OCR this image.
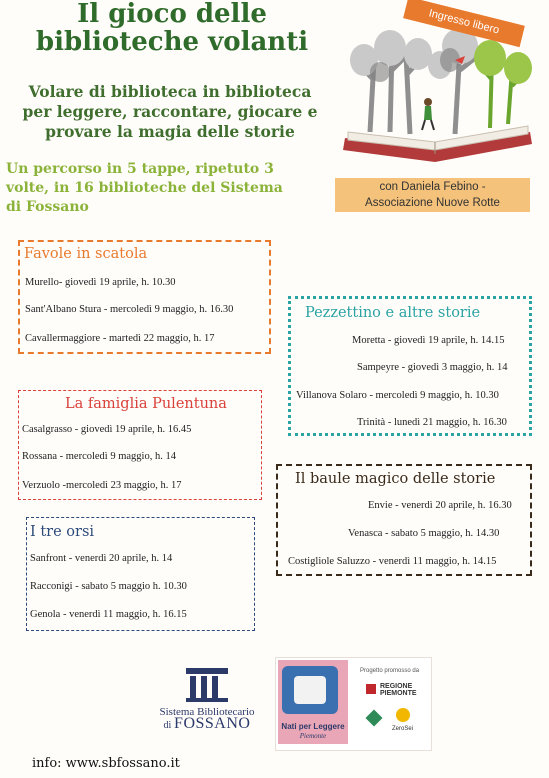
Il gioco delle
biblioteche volanti
Volare di biblioteca in biblioteca
per leggere, raccontare, giocare e
provare la magia delle storie
Un percorso in 5 tappe, ripetuto 3
volte, in 16 biblioteche del Sistema
di Fossano
Ingresso libero
con Daniela Febino -
Associazione Nuove Rotte
Favole in scatola
Murello- giovedì 19 aprile, h. 10.30
Sant'Albano Stura - mercoledì 9 maggio, h. 16.30
Cavallermaggiore - martedì 22 maggio, h. 17
Pezzettino e altre storie
Moretta - giovedì 19 aprile, h. 14.15
Sampeyre - giovedì 3 maggio, h. 14
Villanova Solaro - mercoledì 9 maggio, h. 10.30
Trinità - lunedì 21 maggio, h. 16.30
La famiglia Pulentuna
Casalgrasso - giovedì 19 aprile, h. 16.45
Rossana - mercoledì 9 maggio, h. 14
Verzuolo -mercoledì 23 maggio, h. 17	Il baule magico delle storie
Envie - venerdì 20 aprile, h. 16.30
Venasca - sabato 5 maggio, h. 14.30
Costigliole Saluzzo - venerdì 11 maggio, h. 14.15
I tre orsi
Sanfront - venerdì 20 aprile, h. 14
Racconigi - sabato 5 maggio h. 10.30
Genola - venerdì 11 maggio, h. 16.15
Sistema Bibliotecario
di FOSSANO	Nati per Leggere
Piemonte
Progetto promosso da
REGIONE
PIEMONTE
ZeroSei
info: www.sbfossano.it
